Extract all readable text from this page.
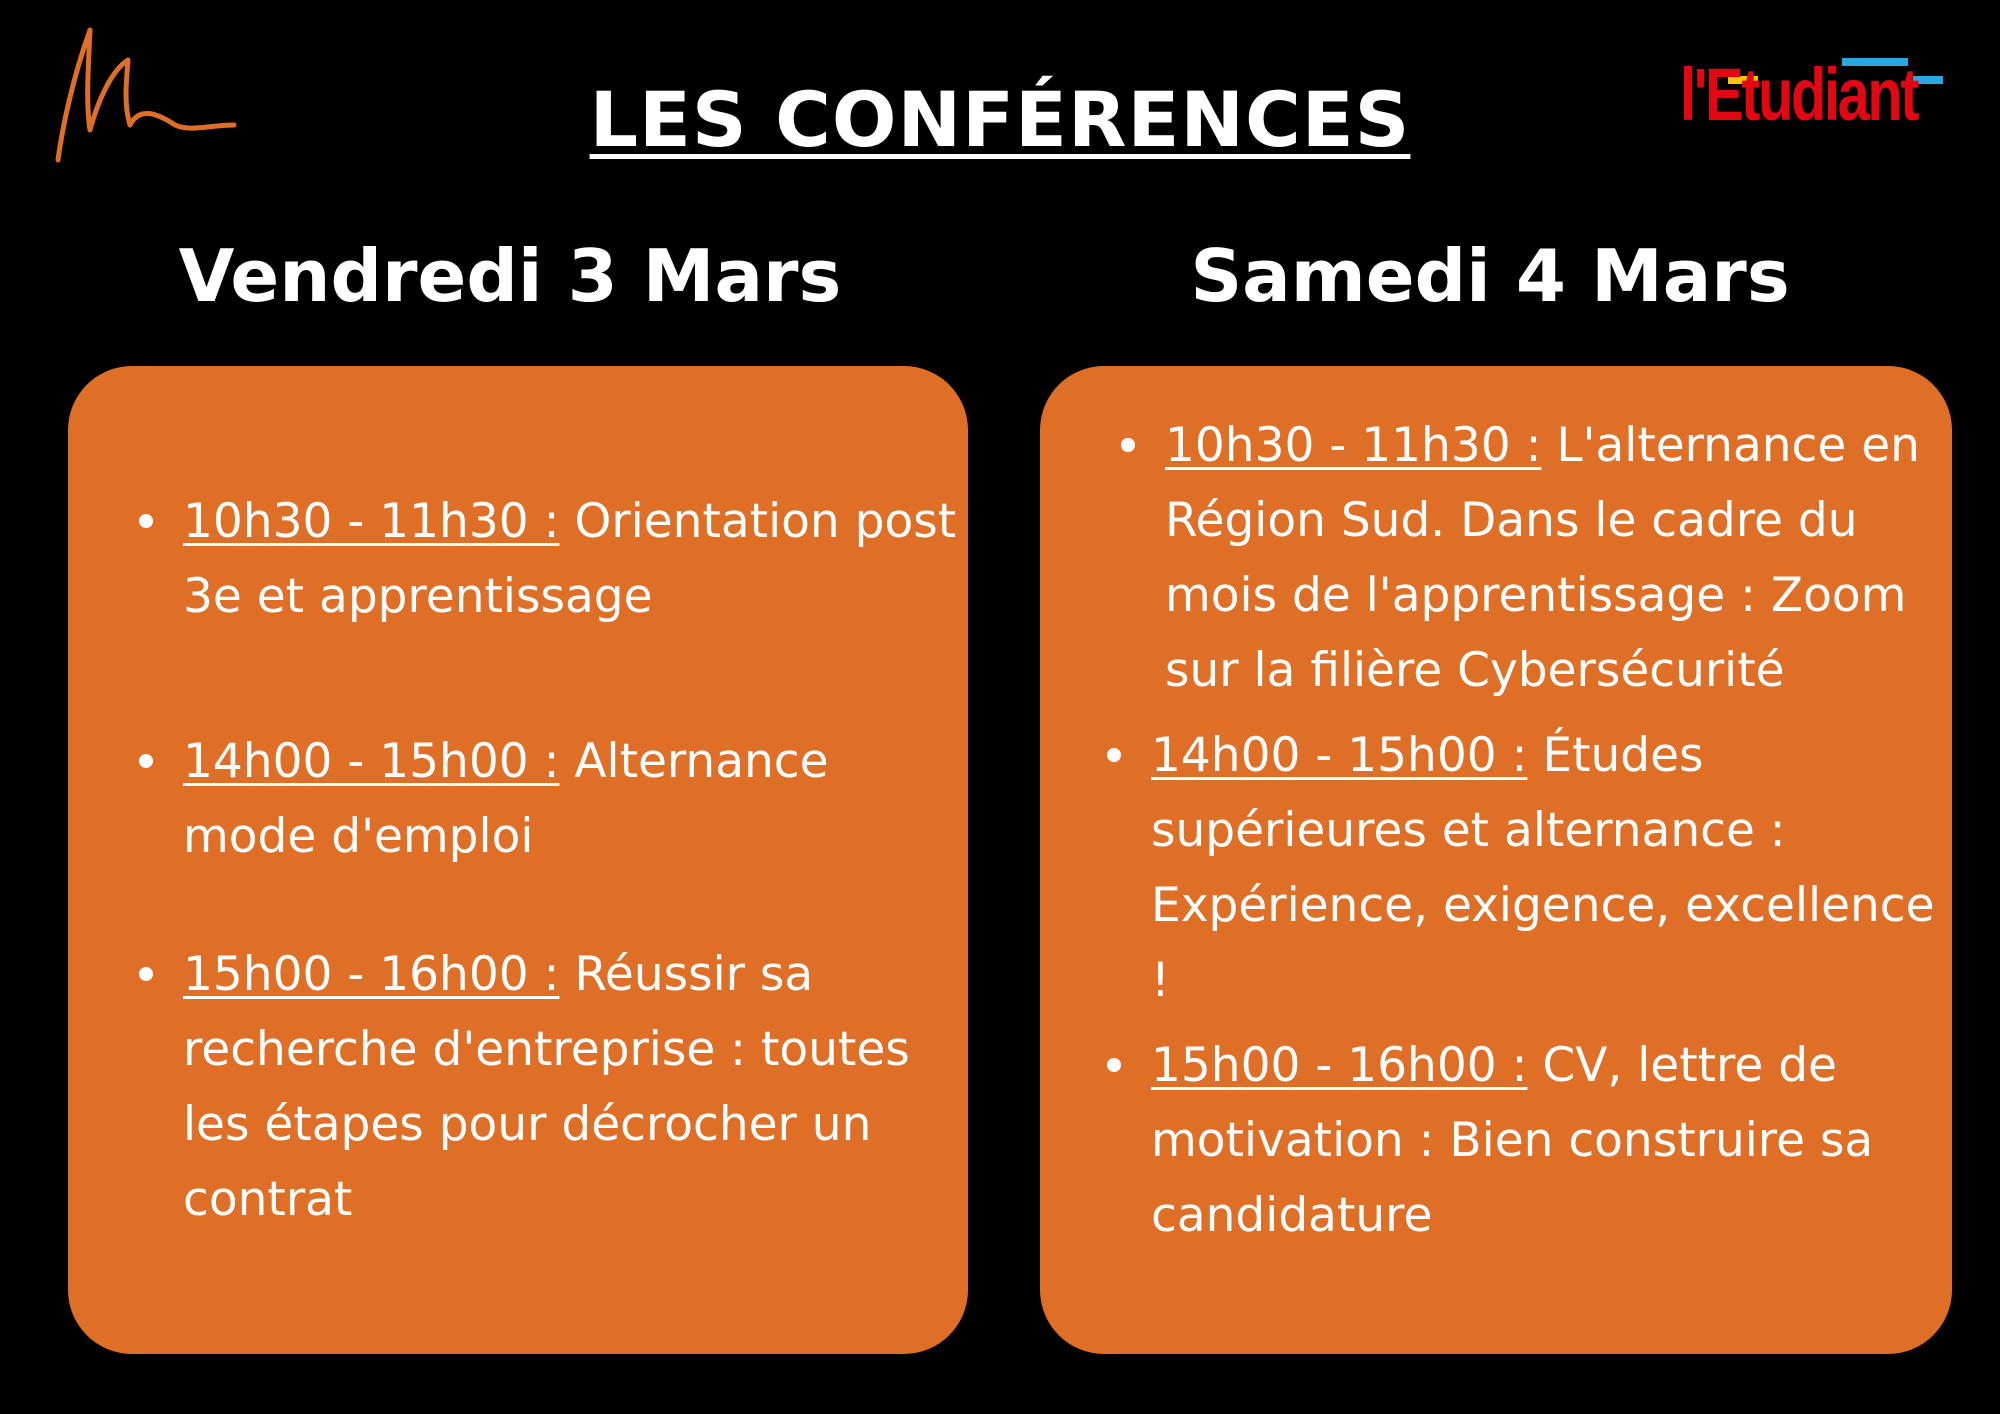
l'Etudiant
LES CONFÉRENCES
Vendredi 3 Mars	Samedi 4 Mars
10h30 - 11h30 : Orientation post 3e et apprentissage
14h00 - 15h00 : Alternance mode d'emploi
15h00 - 16h00 : Réussir sa recherche d'entreprise : toutes les étapes pour décrocher un contrat
10h30 - 11h30 : L'alternance en Région Sud. Dans le cadre du mois de l'apprentissage : Zoom sur la filière Cybersécurité
14h00 - 15h00 : Études supérieures et alternance : Expérience, exigence, excellence !
15h00 - 16h00 : CV, lettre de motivation : Bien construire sa candidature
